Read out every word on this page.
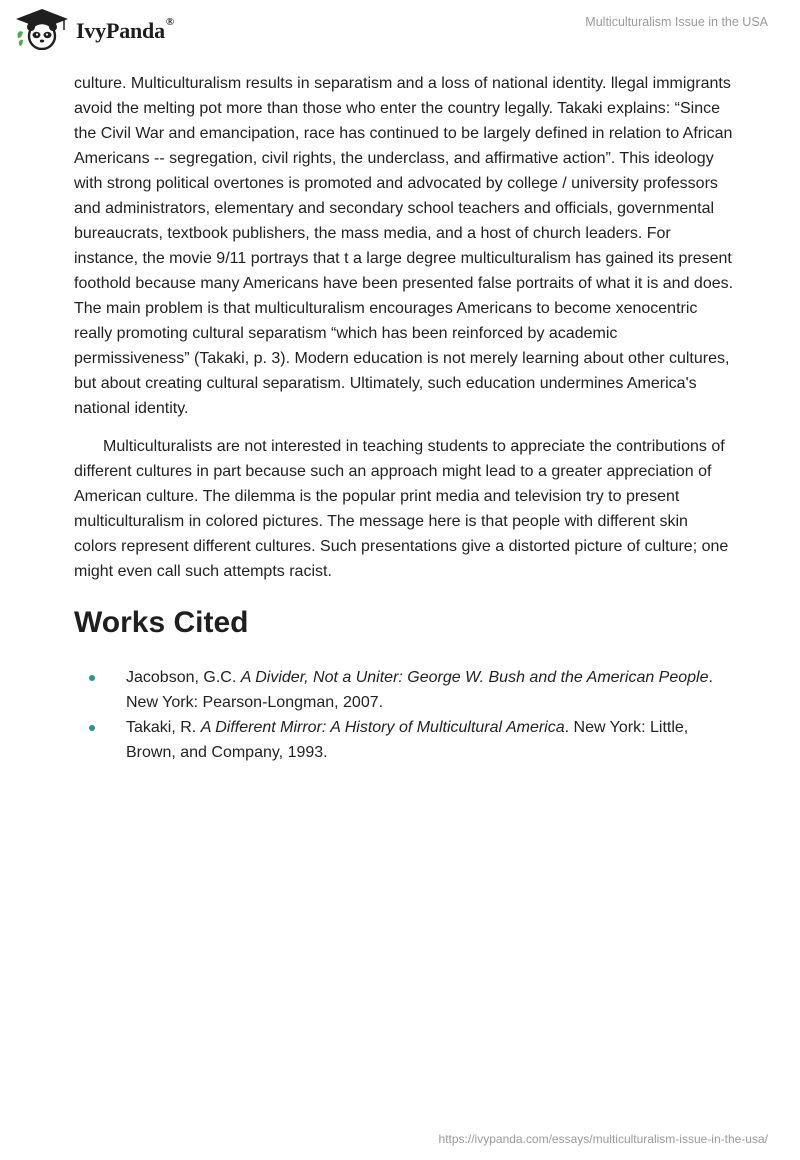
IvyPanda®	Multiculturalism Issue in the USA

culture. Multiculturalism results in separatism and a loss of national identity. llegal immigrants avoid the melting pot more than those who enter the country legally. Takaki explains: “Since the Civil War and emancipation, race has continued to be largely defined in relation to African Americans -- segregation, civil rights, the underclass, and affirmative action”. This ideology with strong political overtones is promoted and advocated by college / university professors and administrators, elementary and secondary school teachers and officials, governmental bureaucrats, textbook publishers, the mass media, and a host of church leaders. For instance, the movie 9/11 portrays that t a large degree multiculturalism has gained its present foothold because many Americans have been presented false portraits of what it is and does. The main problem is that multiculturalism encourages Americans to become xenocentric really promoting cultural separatism “which has been reinforced by academic permissiveness” (Takaki, p. 3). Modern education is not merely learning about other cultures, but about creating cultural separatism. Ultimately, such education undermines America's national identity.

Multiculturalists are not interested in teaching students to appreciate the contributions of different cultures in part because such an approach might lead to a greater appreciation of American culture. The dilemma is the popular print media and television try to present multiculturalism in colored pictures. The message here is that people with different skin colors represent different cultures. Such presentations give a distorted picture of culture; one might even call such attempts racist.

Works Cited
Jacobson, G.C. A Divider, Not a Uniter: George W. Bush and the American People. New York: Pearson-Longman, 2007.
Takaki, R. A Different Mirror: A History of Multicultural America. New York: Little, Brown, and Company, 1993.
https://ivypanda.com/essays/multiculturalism-issue-in-the-usa/
